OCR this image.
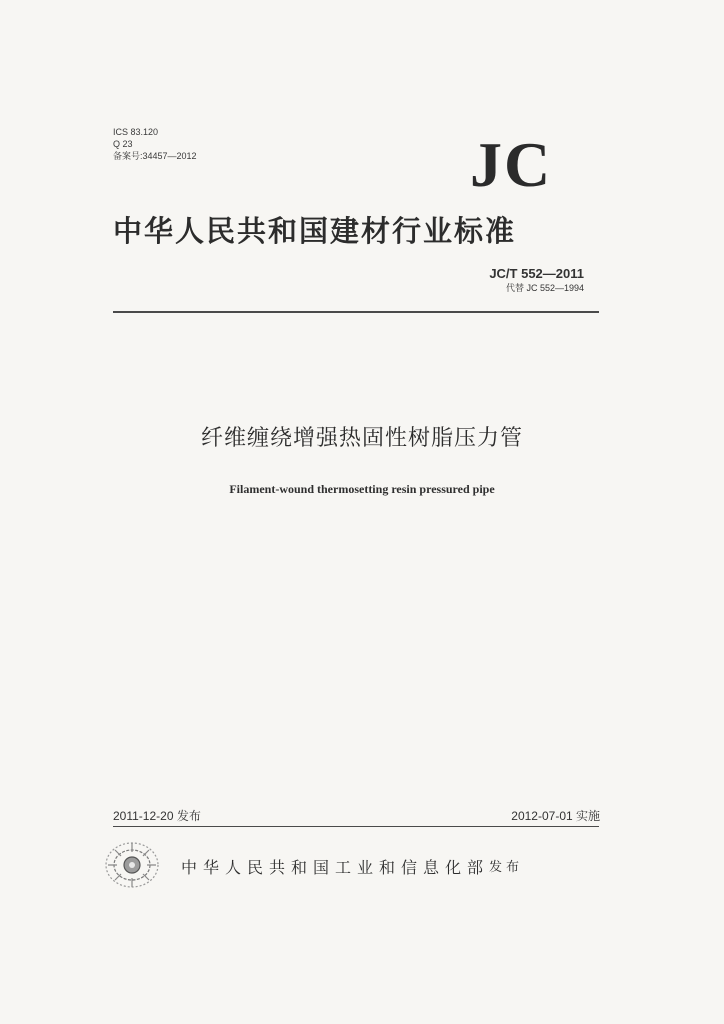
ICS 83.120
Q 23
备案号:34457—2012	JC
中华人民共和国建材行业标准
JC/T 552—2011
代替 JC 552—1994
纤维缠绕增强热固性树脂压力管
Filament-wound thermosetting resin pressured pipe
2011-12-20 发布	2012-07-01 实施
中华人民共和国工业和信息化部 发布
